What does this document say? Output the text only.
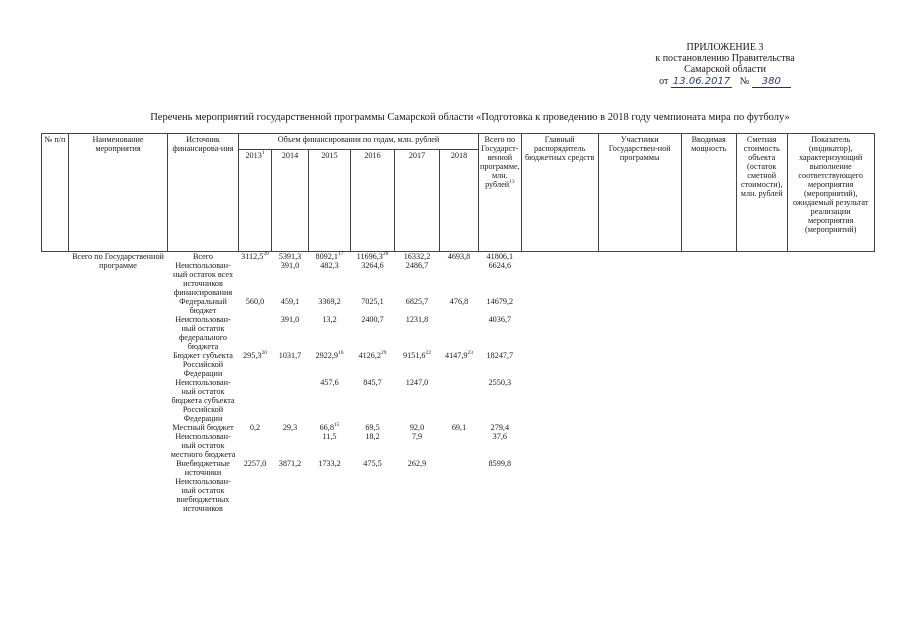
ПРИЛОЖЕНИЕ 3
к постановлению Правительства
Самарской области
от 13.06.2017 № 380
Перечень мероприятий государственной программы Самарской области «Подготовка к проведению в 2018 году чемпионата мира по футболу»
№ п/п	Наименование мероприятия	Источник финансирова-ния	Объем финансирования по годам, млн. рублей						Всего по Государст-венной программе, млн. рублей$^{13}$	Главный распорядитель бюджетных средств	Участники Государствен-ной программы	Вводимая мощность	Сметная стоимость объекта (остаток сметной стоимости), млн. рублей	Показатель (индикатор), характеризующий выполнение соответствующего мероприятия (мероприятий), ожидаемый результат реализации мероприятия (мероприятий)
			2013$^1$	2014	2015	2016	2017	2018						
	Всего по Государственной программе	Всего	3112,5$^{20}$	5391,3	8092,1$^{17}$	11696,3$^{28}$	16332,2	4693,8	41806,1					
		Неиспользован-ный остаток всех источников финансирования		391,0	482,3	3264,6	2486,7		6624,6					
		Федеральный бюджет	560,0	459,1	3369,2	7025,1	6825,7	476,8	14679,2					
		Неиспользован-ный остаток федерального бюджета		391,0	13,2	2400,7	1231,8		4036,7					
		Бюджет субъекта Российской Федерации	295,3$^{20}$	1031,7	2922,9$^{16}$	4126,2$^{29}$	9151,6$^{22}$	4147,9$^{23}$	18247,7					
		Неиспользован-ный остаток бюджета субъекта Российской Федерации			457,6	845,7	1247,0		2550,3					
		Местный бюджет	0,2	29,3	66,8$^{15}$	69,5	92,0	69,1	279,4					
		Неиспользован-ный остаток местного бюджета			11,5	18,2	7,9		37,6					
		Внебюджетные источники	2257,0	3871,2	1733,2	475,5	262,9		8599,8					
		Неиспользован-ный остаток внебюджетных источников												
